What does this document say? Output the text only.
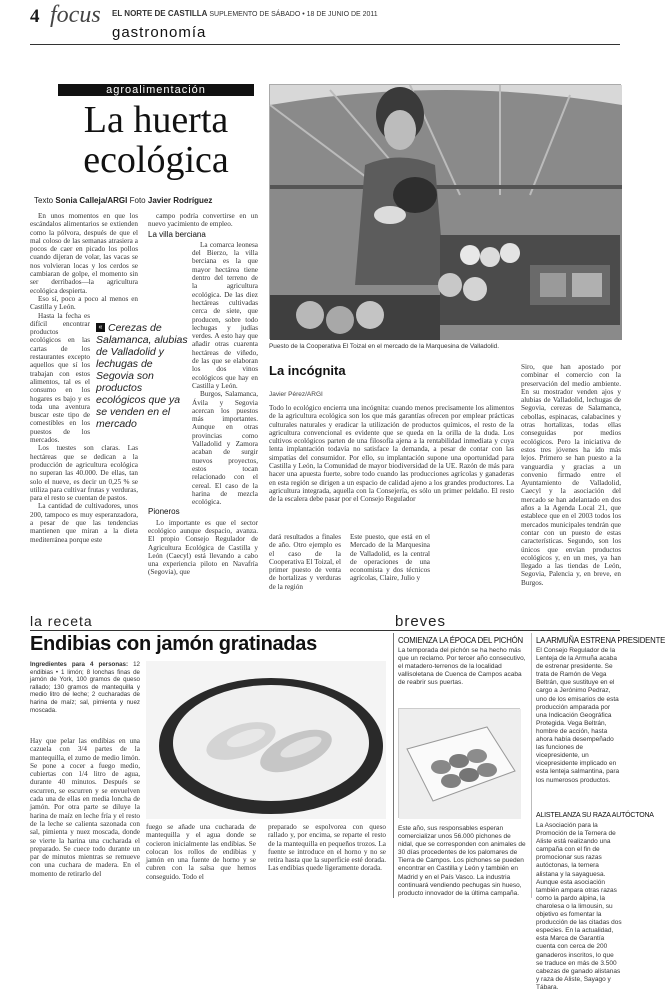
4 focus EL NORTE DE CASTILLA SUPLEMENTO DE SÁBADO • 18 DE JUNIO DE 2011
gastronomía
agroalimentación
La huerta
ecológica
Texto Sonia Calleja/ARGI Foto Javier Rodríguez

En unos momentos en que los escándalos alimentarios se extienden como la pólvora, después de que el mal coloso de las semanas atrasiera a pocos de caer en picado los pollos cuando dijeran de volar, las vacas se nos volvieran locas y los cerdos se cambiaran de golpe, el momento sin ser derribados—la agricultura ecológica despierta.

Eso sí, poco a poco al menos en Castilla y León.

Hasta la fecha es difícil encontrar productos ecológicos en las cartas de los restaurantes excepto aquellos que sí los trabajan con estos alimentos, tal es el consumo en los hogares es bajo y es toda una aventura buscar este tipo de comestibles en los puestos de los mercados.

Los tuestes son claras. Las hectáreas que se dedican a la producción de agricultura ecológica no superan las 40.000. De ellas, tan solo el nueve, es decir un 0,25 % se utiliza para cultivar frutas y verduras, para el resto se cuentan de pastos.

La cantidad de cultivadores, unos 200, tampoco es muy esperanzadora, a pesar de que las tendencias mantienen que miran a la dieta mediterránea porque este

campo podría convertirse en un nuevo yacimiento de empleo.

La villa berciana

La comarca leonesa del Bierzo, la villa berciana es la que mayor hectárea tiene dentro del terreno de la agricultura ecológica. De las diez hectáreas cultivadas cerca de siete, que producen, sobre todo lechugas y judías verdes. A esto hay que añadir otras cuarenta hectáreas de viñedo, de las que se elaboran los dos vinos ecológicos que hay en Castilla y León.

Burgos, Salamanca, Ávila y Segovia acercan los puestos más importantes. Aunque en otras provincias como Valladolid y Zamora acaban de surgir nuevos proyectos, estos tocan relacionado con el cereal. El caso de la harina de mezcla ecológica.

Pioneros

Lo importante es que el sector ecológico aunque despacio, avanza. El propio Consejo Regulador de Agricultura Ecológica de Castilla y León (Caecyl) está llevando a cabo una experiencia piloto en Navafría (Segovia), que

Cerezas de Salamanca, alubias de Valladolid y lechugas de Segovia son productos ecológicos que ya se venden en el mercado
«
Puesto de la Cooperativa El Toizal en el mercado de la Marquesina de Valladolid.
La incógnita
Javier Pérez/ARGI
Todo lo ecológico encierra una incógnita: cuando menos precisamente los alimentos de la agricultura ecológica son los que más garantías ofrecen por emplear prácticas culturales naturales y eradicar la utilización de productos químicos, el resto de la agricultura convencional es evidente que se queda en la orilla de la duda. Los cultivos ecológicos parten de una filosofía ajena a la rentabilidad inmediata y cuya lenta implantación todavía no satisface la demanda, a pesar de contar con las simpatías del consumidor. Por ello, su implantación supone una oportunidad para Castilla y León, la Comunidad de mayor biodiversidad de la UE. Razón de más para hacer una apuesta fuerte, sobre todo cuando las producciones agrícolas y ganaderas en esta región se dirigen a un espacio de calidad ajeno a los grandes productores. La agricultura integrada, aquella con la Consejería, es sólo un primer peldaño. El resto de la escalera debe pasar por el Consejo Regulador
dará resultados a finales de año. Otro ejemplo es el caso de la Cooperativa El Toizal, el primer puesto de venta de hortalizas y verduras de la región
Este puesto, que está en el Mercado de la Marquesina de Valladolid, es la central de operaciones de una economista y dos técnicos agrícolas, Claire, Julio y
Siro, que han apostado por combinar el comercio con la preservación del medio ambiente. En su mostrador venden ajos y alubias de Valladolid, lechugas de Segovia, cerezas de Salamanca, cebollas, espinacas, calabacines y otras hortalizas, todas ellas conseguidas por medios ecológicos. Pero la iniciativa de estos tres jóvenes ha ido más lejos. Primero se han puesto a la vanguardia y gracias a un convenio firmado entre el Ayuntamiento de Valladolid, Caecyl y la asociación del mercado se han adelantado en dos años a la Agenda Local 21, que establece que en el 2003 todos los mercados municipales tendrán que contar con un puesto de estas características. Segundo, son los únicos que envían productos ecológicos y, en un mes, ya han llegado a las tiendas de León, Segovia, Palencia y, en breve, en Burgos.
la receta	breves
Endibias con jamón gratinadas
Ingredientes para 4 personas: 12 endibias • 1 limón; 8 lonchas finas de jamón de York, 100 gramos de queso rallado; 130 gramos de mantequilla y medio litro de leche; 2 cucharadas de harina de maíz; sal, pimienta y nuez moscada.
Hay que pelar las endibias en una cazuela con 3/4 partes de la mantequilla, el zumo de medio limón. Se pone a cocer a fuego medio, cubiertas con 1/4 litro de agua, durante 40 minutos. Después se escurren, se escurren y se envuelven cada una de ellas en media loncha de jamón. Por otra parte se diluye la harina de maíz en leche fría y el resto de la leche se calienta sazonada con sal, pimienta y nuez moscada, donde se vierte la harina una cucharada el preparado. Se cuece todo durante un par de minutos mientras se remueve con una cuchara de madera. En el momento de retirarlo del
fuego se añade una cucharada de mantequilla y el agua donde se cocieron inicialmente las endibias. Se colocan los rollos de endibias y jamón en una fuente de horno y se cubren con la salsa que hemos conseguido. Todo el
preparado se espolvorea con queso rallado y, por encima, se reparte el resto de la mantequilla en pequeños trozos. La fuente se introduce en el horno y no se retira hasta que la superficie esté dorada. Las endibias quede ligeramente dorada.
COMIENZA LA ÉPOCA DEL PICHÓN
La temporada del pichón se ha hecho más que un reclamo. Por tercer año consecutivo, el matadero-terrenos de la localidad vallisoletana de Cuenca de Campos acaba de reabrir sus puertas.
Este año, sus responsables esperan comercializar unos 56.000 pichones de nidal, que se corresponden con animales de 30 días procedentes de los palomares de Tierra de Campos. Los pichones se pueden encontrar en Castilla y León y también en Madrid y en el País Vasco. La industria continuará vendiendo pechugas sin hueso, producto innovador de la última campaña.
LA ARMUÑA ESTRENA PRESIDENTE
El Consejo Regulador de la Lenteja de la Armuña acaba de estrenar presidente. Se trata de Ramón de Vega Beltrán, que sustituye en el cargo a Jerónimo Pedraz, uno de los emisarios de esta producción amparada por una Indicación Geográfica Protegida. Vega Beltrán, hombre de acción, hasta ahora había desempeñado las funciones de vicepresidente, un vicepresidente implicado en esta lenteja salmantina, para los numerosos productos.
ALISTELANZA SU RAZA AUTÓCTONA
La Asociación para la Promoción de la Ternera de Aliste está realizando una campaña con el fin de promocionar sus razas autóctonas, la ternera alistana y la sayaguesa. Aunque esta asociación también ampara otras razas como la pardo alpina, la charolesa o la limousin, su objetivo es fomentar la producción de las citadas dos especies. En la actualidad, esta Marca de Garantía cuenta con cerca de 200 ganaderos inscritos, lo que se traduce en más de 3.500 cabezas de ganado alistanas y raza de Aliste, Sayago y Tábara.
